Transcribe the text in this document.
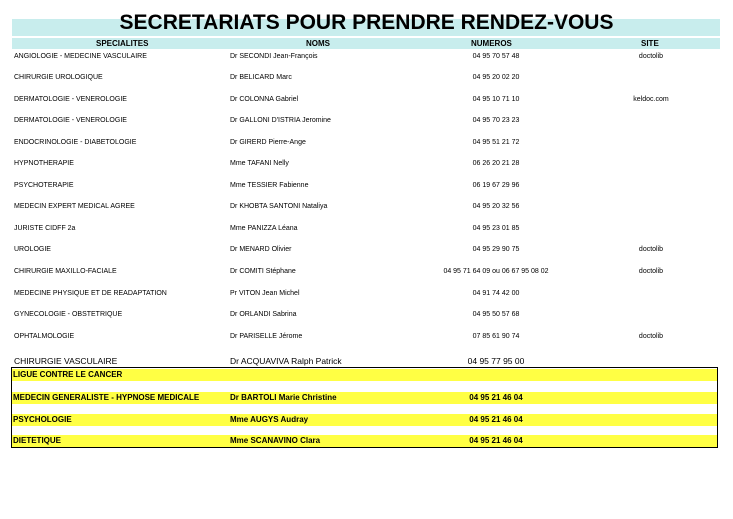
SECRETARIATS POUR PRENDRE RENDEZ-VOUS
SPECIALITES	NOMS	NUMEROS	SITE
ANGIOLOGIE - MEDECINE VASCULAIRE	Dr SECONDI Jean-François	04 95 70 57 48	doctolib
CHIRURGIE UROLOGIQUE	Dr BELICARD Marc	04 95 20 02 20
DERMATOLOGIE - VENEROLOGIE	Dr COLONNA Gabriel	04 95 10 71 10	keldoc.com
DERMATOLOGIE - VENEROLOGIE	Dr GALLONI D'ISTRIA Jeromine	04 95 70 23 23
ENDOCRINOLOGIE - DIABETOLOGIE	Dr GIRERD Pierre-Ange	04 95 51 21 72
HYPNOTHERAPIE	Mme TAFANI Nelly	06 26 20 21 28
PSYCHOTERAPIE	Mme TESSIER Fabienne	06 19 67 29 96
MEDECIN EXPERT MEDICAL AGREE	Dr KHOBTA SANTONI Nataliya	04 95 20 32 56
JURISTE CIDFF 2a	Mme PANIZZA Léana	04 95 23 01 85
UROLOGIE	Dr MENARD Olivier	04 95 29 90 75	doctolib
CHIRURGIE MAXILLO-FACIALE	Dr COMITI Stéphane	04 95 71 64 09 ou 06 67 95 08 02	doctolib
MEDECINE PHYSIQUE ET DE READAPTATION	Pr VITON Jean Michel	04 91 74 42 00
GYNECOLOGIE - OBSTETRIQUE	Dr ORLANDI Sabrina	04 95 50 57 68
OPHTALMOLOGIE	Dr PARISELLE Jérome	07 85 61 90 74	doctolib
CHIRURGIE VASCULAIRE	Dr ACQUAVIVA Ralph Patrick	04 95 77 95 00
LIGUE CONTRE LE CANCER
MEDECIN GENERALISTE - HYPNOSE MEDICALE	Dr BARTOLI Marie Christine	04 95 21 46 04
PSYCHOLOGIE	Mme AUGYS Audray	04 95 21 46 04
DIETETIQUE	Mme SCANAVINO Clara	04 95 21 46 04
